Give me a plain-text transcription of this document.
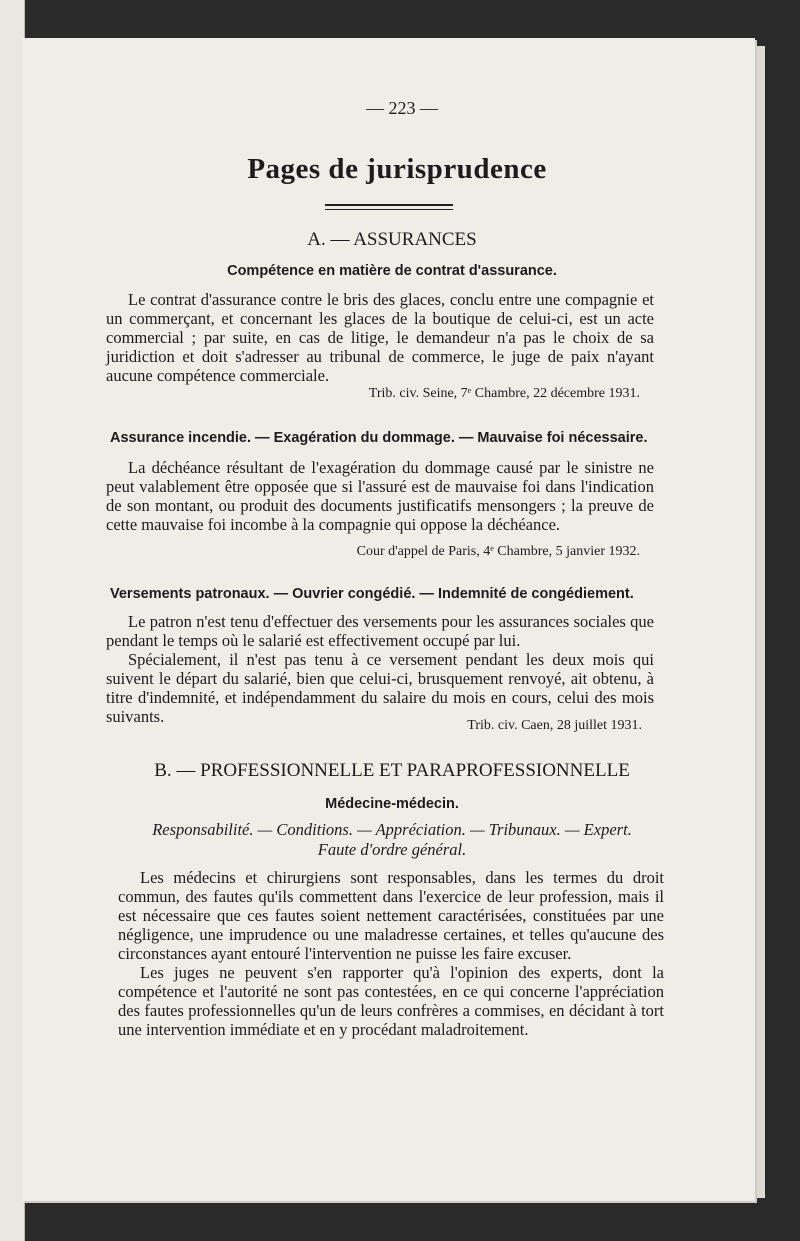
— 223 —
Pages de jurisprudence
A. — ASSURANCES
Compétence en matière de contrat d'assurance.

Le contrat d'assurance contre le bris des glaces, conclu entre une compagnie et un commerçant, et concernant les glaces de la boutique de celui-ci, est un acte commercial ; par suite, en cas de litige, le demandeur n'a pas le choix de sa juridiction et doit s'adresser au tribunal de commerce, le juge de paix n'ayant aucune compétence commerciale.

Trib. civ. Seine, 7ᵉ Chambre, 22 décembre 1931.
Assurance incendie. — Exagération du dommage. — Mauvaise foi nécessaire.

La déchéance résultant de l'exagération du dommage causé par le sinistre ne peut valablement être opposée que si l'assuré est de mauvaise foi dans l'indication de son montant, ou produit des documents justificatifs mensongers ; la preuve de cette mauvaise foi incombe à la compagnie qui oppose la déchéance.

Cour d'appel de Paris, 4ᵉ Chambre, 5 janvier 1932.
Versements patronaux. — Ouvrier congédié. — Indemnité de congédiement.

Le patron n'est tenu d'effectuer des versements pour les assurances sociales que pendant le temps où le salarié est effectivement occupé par lui.

Spécialement, il n'est pas tenu à ce versement pendant les deux mois qui suivent le départ du salarié, bien que celui-ci, brusquement renvoyé, ait obtenu, à titre d'indemnité, et indépendamment du salaire du mois en cours, celui des mois suivants.	Trib. civ. Caen, 28 juillet 1931.
B. — PROFESSIONNELLE ET PARAPROFESSIONNELLE
Médecine-médecin.
Responsabilité. — Conditions. — Appréciation. — Tribunaux. — Expert.
Faute d'ordre général.

Les médecins et chirurgiens sont responsables, dans les termes du droit commun, des fautes qu'ils commettent dans l'exercice de leur profession, mais il est nécessaire que ces fautes soient nettement caractérisées, constituées par une négligence, une imprudence ou une maladresse certaines, et telles qu'aucune des circonstances ayant entouré l'intervention ne puisse les faire excuser.

Les juges ne peuvent s'en rapporter qu'à l'opinion des experts, dont la compétence et l'autorité ne sont pas contestées, en ce qui concerne l'appréciation des fautes professionnelles qu'un de leurs confrères a commises, en décidant à tort une intervention immédiate et en y procédant maladroitement.
